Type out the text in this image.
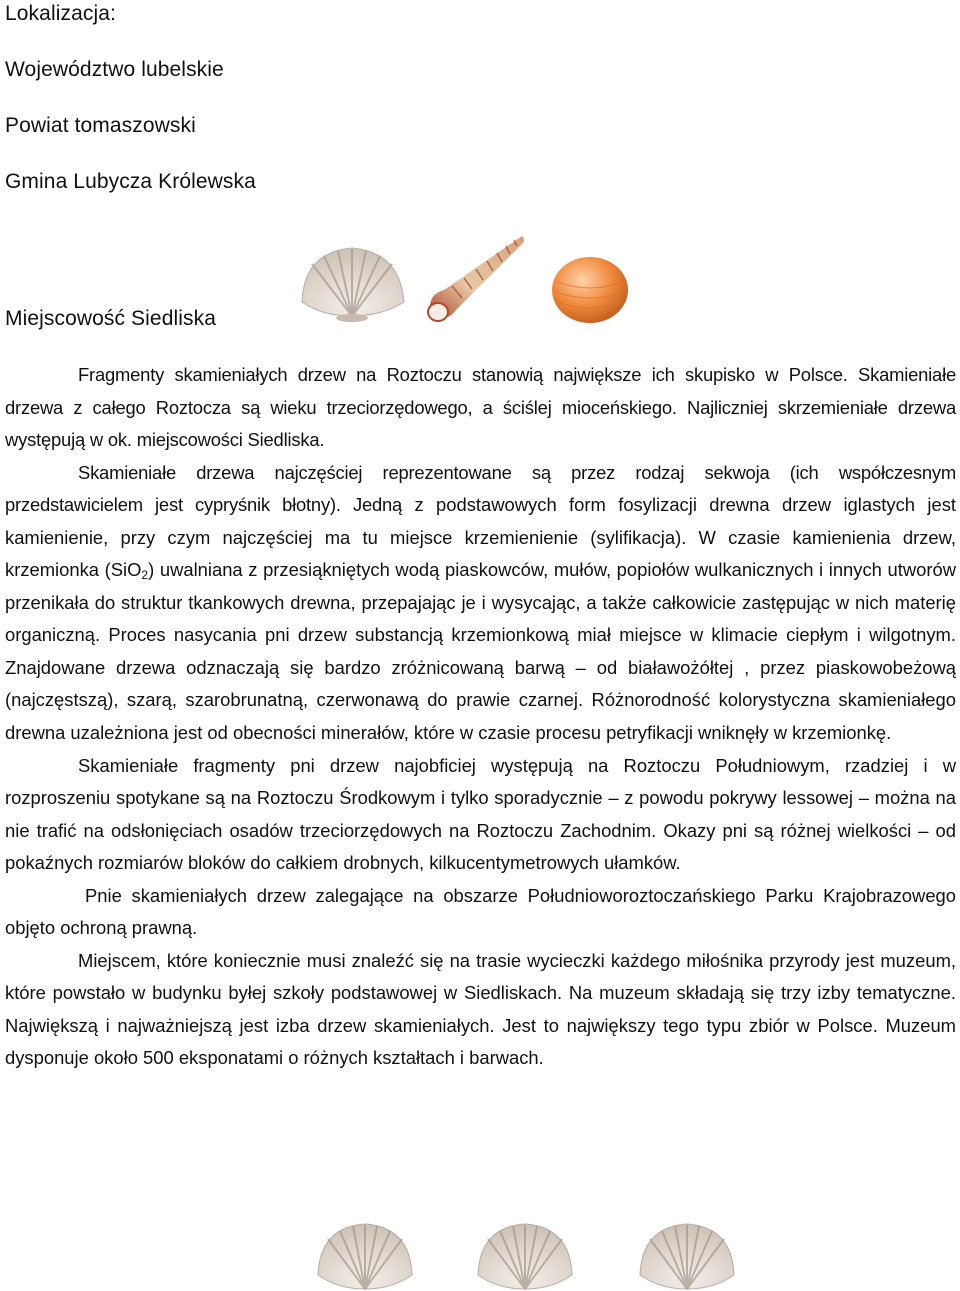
Lokalizacja:

Województwo lubelskie

Powiat tomaszowski

Gmina Lubycza Królewska

Miejscowość Siedliska

Fragmenty skamieniałych drzew na Roztoczu stanowią największe ich skupisko w Polsce. Skamieniałe drzewa z całego Roztocza są wieku trzeciorzędowego, a ściślej mioceńskiego. Najliczniej skrzemieniałe drzewa występują w ok. miejscowości Siedliska.

Skamieniałe drzewa najczęściej reprezentowane są przez rodzaj sekwoja (ich współczesnym przedstawicielem jest cypryśnik błotny). Jedną z podstawowych form fosylizacji drewna drzew iglastych jest kamienienie, przy czym najczęściej ma tu miejsce krzemienienie (sylifikacja). W czasie kamienienia drzew, krzemionka (SiO$_2$) uwalniana z przesiąkniętych wodą piaskowców, mułów, popiołów wulkanicznych i innych utworów przenikała do struktur tkankowych drewna, przepajając je i wysycając, a także całkowicie zastępując w nich materię organiczną. Proces nasycania pni drzew substancją krzemionkową miał miejsce w klimacie ciepłym i wilgotnym. Znajdowane drzewa odznaczają się bardzo zróżnicowaną barwą – od białawożółtej , przez piaskowobeżową (najczęstszą), szarą, szarobrunatną, czerwonawą do prawie czarnej. Różnorodność kolorystyczna skamieniałego drewna uzależniona jest od obecności minerałów, które w czasie procesu petryfikacji wniknęły w krzemionkę.

Skamieniałe fragmenty pni drzew najobficiej występują na Roztoczu Południowym, rzadziej i w rozproszeniu spotykane są na Roztoczu Środkowym i tylko sporadycznie – z powodu pokrywy lessowej – można na nie trafić na odsłonięciach osadów trzeciorzędowych na Roztoczu Zachodnim. Okazy pni są różnej wielkości – od pokaźnych rozmiarów bloków do całkiem drobnych, kilkucentymetrowych ułamków.

Pnie skamieniałych drzew zalegające na obszarze Południoworoztoczańskiego Parku Krajobrazowego objęto ochroną prawną.

Miejscem, które koniecznie musi znaleźć się na trasie wycieczki każdego miłośnika przyrody jest muzeum, które powstało w budynku byłej szkoły podstawowej w Siedliskach. Na muzeum składają się trzy izby tematyczne. Największą i najważniejszą jest izba drzew skamieniałych. Jest to największy tego typu zbiór w Polsce. Muzeum dysponuje około 500 eksponatami o różnych kształtach i barwach.
